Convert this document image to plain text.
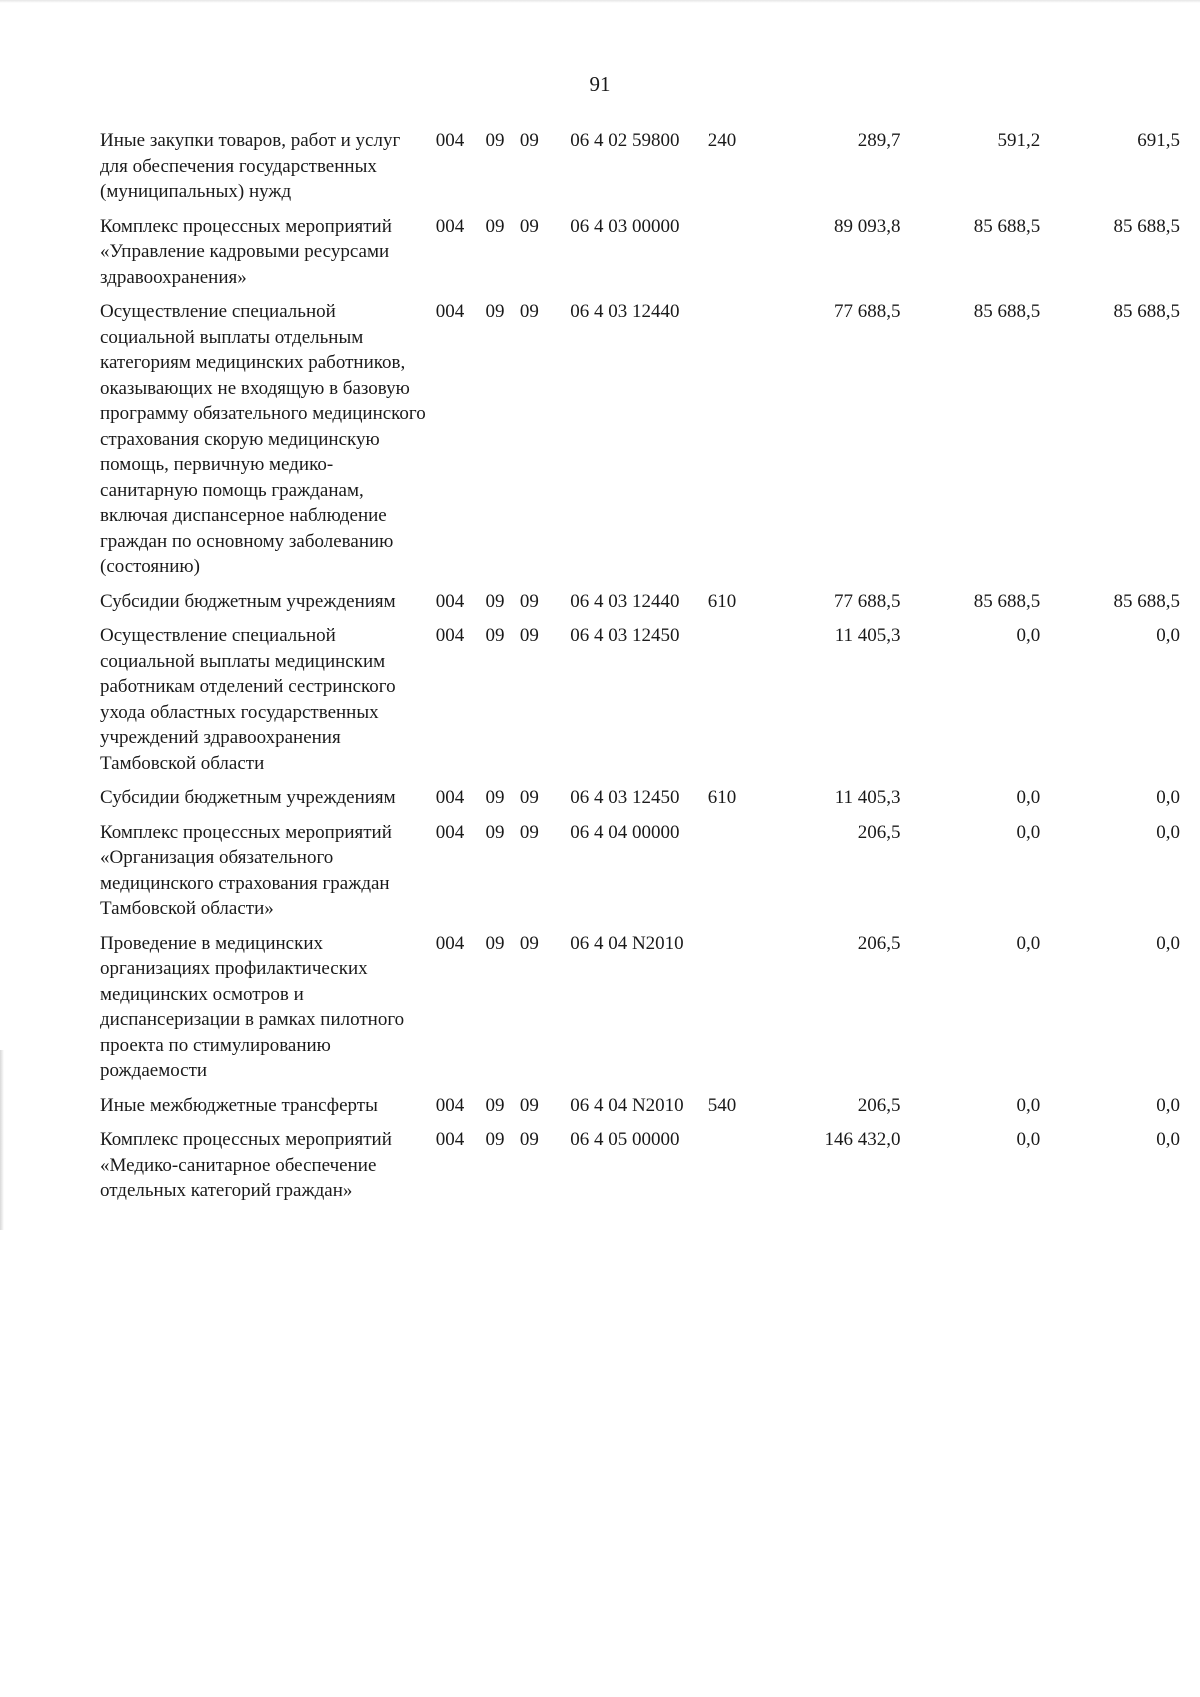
91
Иные закупки товаров, работ и услуг для обеспечения государственных (муниципальных) нужд	004	09	09	06 4 02 59800	240	289,7	591,2	691,5
Комплекс процессных мероприятий «Управление кадровыми ресурсами здравоохранения»	004	09	09	06 4 03 00000		89 093,8	85 688,5	85 688,5
Осуществление специальной социальной выплаты отдельным категориям медицинских работников, оказывающих не входящую в базовую программу обязательного медицинского страхования скорую медицинскую помощь, первичную медико-санитарную помощь гражданам, включая диспансерное наблюдение граждан по основному заболеванию (состоянию)	004	09	09	06 4 03 12440		77 688,5	85 688,5	85 688,5
Субсидии бюджетным учреждениям	004	09	09	06 4 03 12440	610	77 688,5	85 688,5	85 688,5
Осуществление специальной социальной выплаты медицинским работникам отделений сестринского ухода областных государственных учреждений здравоохранения Тамбовской области	004	09	09	06 4 03 12450		11 405,3	0,0	0,0
Субсидии бюджетным учреждениям	004	09	09	06 4 03 12450	610	11 405,3	0,0	0,0
Комплекс процессных мероприятий «Организация обязательного медицинского страхования граждан Тамбовской области»	004	09	09	06 4 04 00000		206,5	0,0	0,0
Проведение в медицинских организациях профилактических медицинских осмотров и диспансеризации в рамках пилотного проекта по стимулированию рождаемости	004	09	09	06 4 04 N2010		206,5	0,0	0,0
Иные межбюджетные трансферты	004	09	09	06 4 04 N2010	540	206,5	0,0	0,0
Комплекс процессных мероприятий «Медико-санитарное обеспечение отдельных категорий граждан»	004	09	09	06 4 05 00000		146 432,0	0,0	0,0
